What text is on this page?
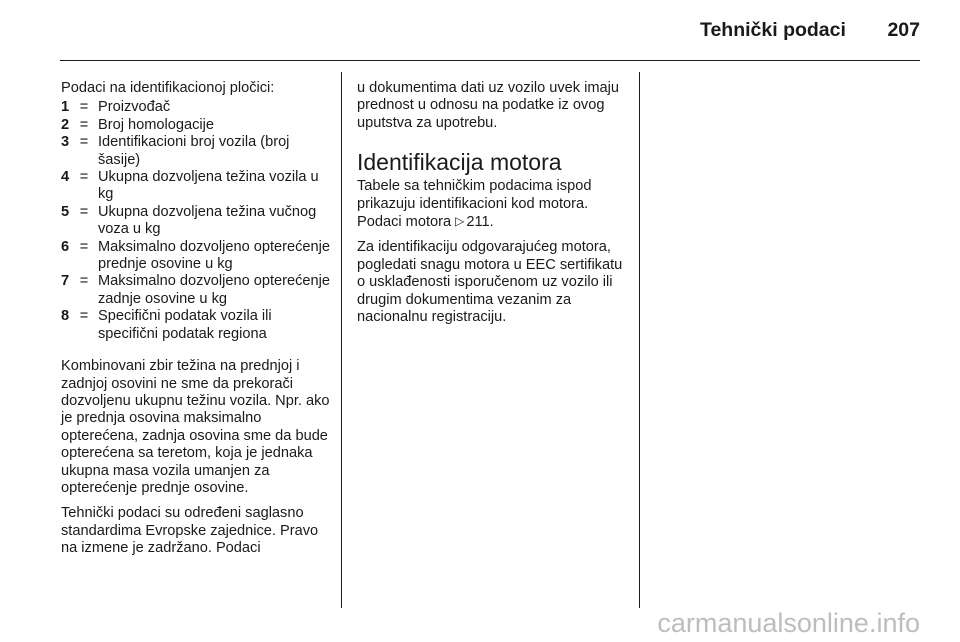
Tehnički podaci 207

Podaci na identifikacionoj pločici:

1 = Proizvođač
2 = Broj homologacije
3 = Identifikacioni broj vozila (broj šasije)
4 = Ukupna dozvoljena težina vozila u kg
5 = Ukupna dozvoljena težina vučnog voza u kg
6 = Maksimalno dozvoljeno opterećenje prednje osovine u kg
7 = Maksimalno dozvoljeno opterećenje zadnje osovine u kg
8 = Specifični podatak vozila ili specifični podatak regiona

Kombinovani zbir težina na prednjoj i zadnjoj osovini ne sme da prekorači dozvoljenu ukupnu težinu vozila. Npr. ako je prednja osovina maksimalno opterećena, zadnja osovina sme da bude opterećena sa teretom, koja je jednaka ukupna masa vozila umanjen za opterećenje prednje osovine.

Tehnički podaci su određeni saglasno standardima Evropske zajednice. Pravo na izmene je zadržano. Podaci

u dokumentima dati uz vozilo uvek imaju prednost u odnosu na podatke iz ovog uputstva za upotrebu.

Identifikacija motora

Tabele sa tehničkim podacima ispod prikazuju identifikacioni kod motora. Podaci motora ▷ 211.

Za identifikaciju odgovarajućeg motora, pogledati snagu motora u EEC sertifikatu o usklađenosti isporučenom uz vozilo ili drugim dokumentima vezanim za nacionalnu registraciju.

carmanualsonline.info
